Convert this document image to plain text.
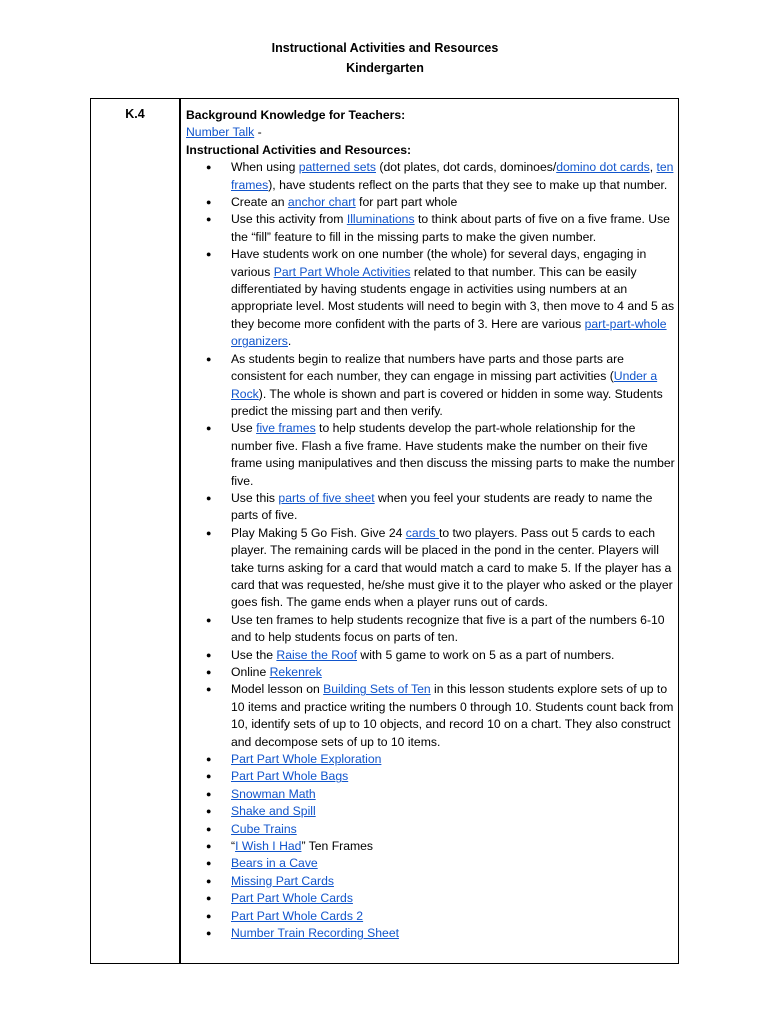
Instructional Activities and Resources
Kindergarten
K.4	Background Knowledge for Teachers:

Number Talk -

Instructional Activities and Resources:

● When using patterned sets (dot plates, dot cards, dominoes/domino dot cards, ten frames), have students reflect on the parts that they see to make up that number.
● Create an anchor chart for part part whole
● Use this activity from Illuminations to think about parts of five on a five frame. Use the “fill” feature to fill in the missing parts to make the given number.
● Have students work on one number (the whole) for several days, engaging in various Part Part Whole Activities related to that number. This can be easily differentiated by having students engage in activities using numbers at an appropriate level. Most students will need to begin with 3, then move to 4 and 5 as they become more confident with the parts of 3. Here are various part-part-whole organizers.
● As students begin to realize that numbers have parts and those parts are consistent for each number, they can engage in missing part activities (Under a Rock). The whole is shown and part is covered or hidden in some way. Students predict the missing part and then verify.
● Use five frames to help students develop the part-whole relationship for the number five. Flash a five frame. Have students make the number on their five frame using manipulatives and then discuss the missing parts to make the number five.
● Use this parts of five sheet when you feel your students are ready to name the parts of five.
● Play Making 5 Go Fish. Give 24 cards to two players. Pass out 5 cards to each player. The remaining cards will be placed in the pond in the center. Players will take turns asking for a card that would match a card to make 5. If the player has a card that was requested, he/she must give it to the player who asked or the player goes fish. The game ends when a player runs out of cards.
● Use ten frames to help students recognize that five is a part of the numbers 6-10 and to help students focus on parts of ten.
● Use the Raise the Roof with 5 game to work on 5 as a part of numbers.
● Online Rekenrek
● Model lesson on Building Sets of Ten in this lesson students explore sets of up to 10 items and practice writing the numbers 0 through 10. Students count back from 10, identify sets of up to 10 objects, and record 10 on a chart. They also construct and decompose sets of up to 10 items.
● Part Part Whole Exploration
● Part Part Whole Bags
● Snowman Math
● Shake and Spill
● Cube Trains
● “I Wish I Had” Ten Frames
● Bears in a Cave
● Missing Part Cards
● Part Part Whole Cards
● Part Part Whole Cards 2
● Number Train Recording Sheet
